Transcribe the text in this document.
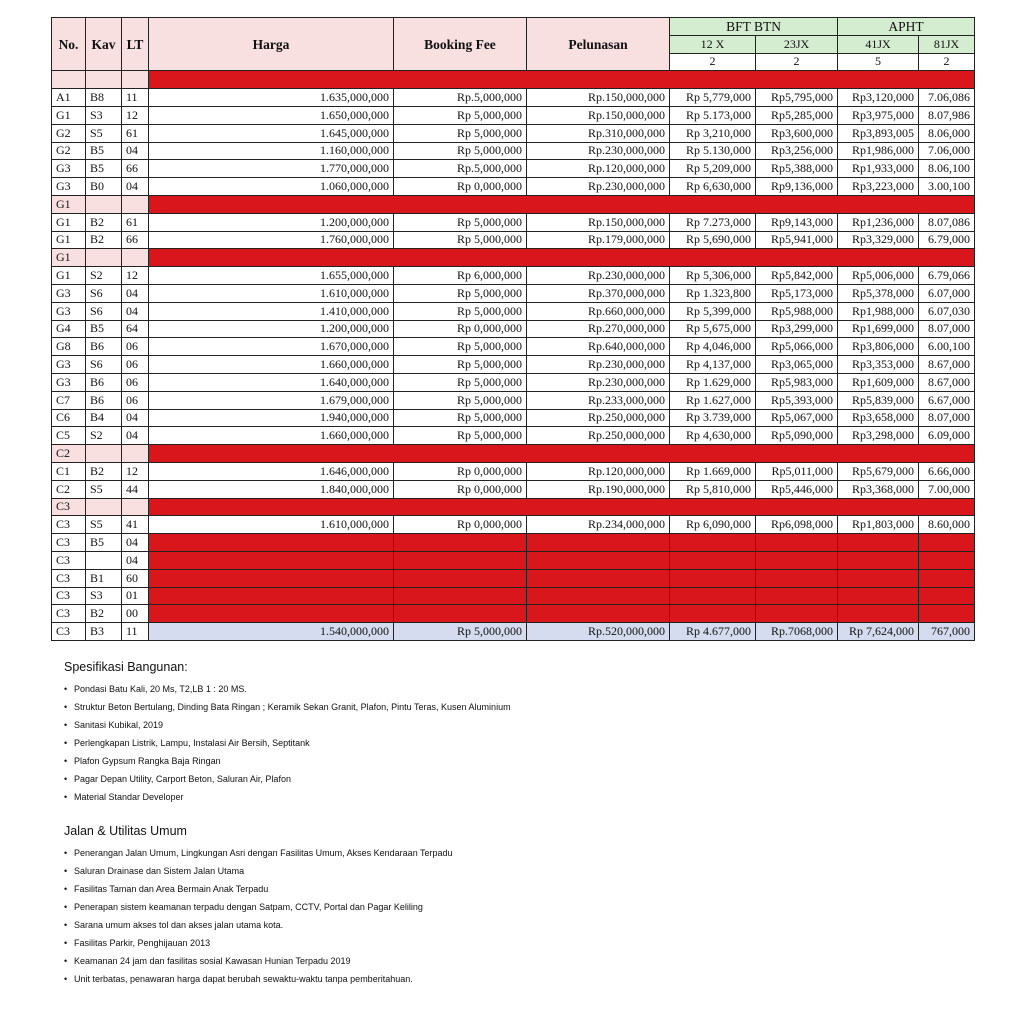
No.	Kav	LT	Harga	Booking Fee	Pelunasan	BFT BTN		APHT	
						12 X	23JX	41JX	81JX
						2	2	5	2

A1	B8	11	1.635,000,000	Rp.5,000,000	Rp.150,000,000	Rp 5,779,000	Rp5,795,000	Rp3,120,000	7.06,086
G1	S3	12	1.650,000,000	Rp 5,000,000	Rp.150,000,000	Rp 5.173,000	Rp5,285,000	Rp3,975,000	8.07,986
G2	S5	61	1.645,000,000	Rp 5,000,000	Rp.310,000,000	Rp 3,210,000	Rp3,600,000	Rp3,893,005	8.06,000
G2	B5	04	1.160,000,000	Rp 5,000,000	Rp.230,000,000	Rp 5.130,000	Rp3,256,000	Rp1,986,000	7.06,000
G3	B5	66	1.770,000,000	Rp.5,000,000	Rp.120,000,000	Rp 5,209,000	Rp5,388,000	Rp1,933,000	8.06,100
G3	B0	04	1.060,000,000	Rp 0,000,000	Rp.230,000,000	Rp 6,630,000	Rp9,136,000	Rp3,223,000	3.00,100
G1									
G1	B2	61	1.200,000,000	Rp 5,000,000	Rp.150,000,000	Rp 7.273,000	Rp9,143,000	Rp1,236,000	8.07,086
G1	B2	66	1.760,000,000	Rp 5,000,000	Rp.179,000,000	Rp 5,690,000	Rp5,941,000	Rp3,329,000	6.79,000
G1									
G1	S2	12	1.655,000,000	Rp 6,000,000	Rp.230,000,000	Rp 5,306,000	Rp5,842,000	Rp5,006,000	6.79,066
G3	S6	04	1.610,000,000	Rp 5,000,000	Rp.370,000,000	Rp 1.323,800	Rp5,173,000	Rp5,378,000	6.07,000
G3	S6	04	1.410,000,000	Rp 5,000,000	Rp.660,000,000	Rp 5,399,000	Rp5,988,000	Rp1,988,000	6.07,030
G4	B5	64	1.200,000,000	Rp 0,000,000	Rp.270,000,000	Rp 5,675,000	Rp3,299,000	Rp1,699,000	8.07,000
G8	B6	06	1.670,000,000	Rp 5,000,000	Rp.640,000,000	Rp 4,046,000	Rp5,066,000	Rp3,806,000	6.00,100
G3	S6	06	1.660,000,000	Rp 5,000,000	Rp.230,000,000	Rp 4,137,000	Rp3,065,000	Rp3,353,000	8.67,000
G3	B6	06	1.640,000,000	Rp 5,000,000	Rp.230,000,000	Rp 1.629,000	Rp5,983,000	Rp1,609,000	8.67,000
C7	B6	06	1.679,000,000	Rp 5,000,000	Rp.233,000,000	Rp 1.627,000	Rp5,393,000	Rp5,839,000	6.67,000
C6	B4	04	1.940,000,000	Rp 5,000,000	Rp.250,000,000	Rp 3.739,000	Rp5,067,000	Rp3,658,000	8.07,000
C5	S2	04	1.660,000,000	Rp 5,000,000	Rp.250,000,000	Rp 4,630,000	Rp5,090,000	Rp3,298,000	6.09,000
C2									
C1	B2	12	1.646,000,000	Rp 0,000,000	Rp.120,000,000	Rp 1.669,000	Rp5,011,000	Rp5,679,000	6.66,000
C2	S5	44	1.840,000,000	Rp 0,000,000	Rp.190,000,000	Rp 5,810,000	Rp5,446,000	Rp3,368,000	7.00,000
C3									
C3	S5	41	1.610,000,000	Rp 0,000,000	Rp.234,000,000	Rp 6,090,000	Rp6,098,000	Rp1,803,000	8.60,000
C3	B5	04							
C3		04							
C3	B1	60							
C3	S3	01							
C3	B2	00							
C3	B3	11	1.540,000,000	Rp 5,000,000	Rp.520,000,000	Rp 4.677,000	Rp.7068,000	Rp 7,624,000	767,000
Spesifikasi Bangunan:
• Pondasi Batu Kali, 20 Ms, T2,LB 1 : 20 MS.
• Struktur Beton Bertulang, Dinding Bata Ringan ; Keramik Sekan Granit, Plafon, Pintu Teras, Kusen Aluminium
• Sanitasi Kubikal, 2019
• Perlengkapan Listrik, Lampu, Instalasi Air Bersih, Septitank
• Plafon Gypsum Rangka Baja Ringan
• Pagar Depan Utility, Carport Beton, Saluran Air, Plafon
• Material Standar Developer
Jalan & Utilitas Umum
• Penerangan Jalan Umum, Lingkungan Asri dengan Fasilitas Umum, Akses Kendaraan Terpadu
• Saluran Drainase dan Sistem Jalan Utama
• Fasilitas Taman dan Area Bermain Anak Terpadu
• Penerapan sistem keamanan terpadu dengan Satpam, CCTV, Portal dan Pagar Keliling
• Sarana umum akses tol dan akses jalan utama kota.
• Fasilitas Parkir, Penghijauan 2013
• Keamanan 24 jam dan fasilitas sosial Kawasan Hunian Terpadu 2019
• Unit terbatas, penawaran harga dapat berubah sewaktu-waktu tanpa pemberitahuan.
